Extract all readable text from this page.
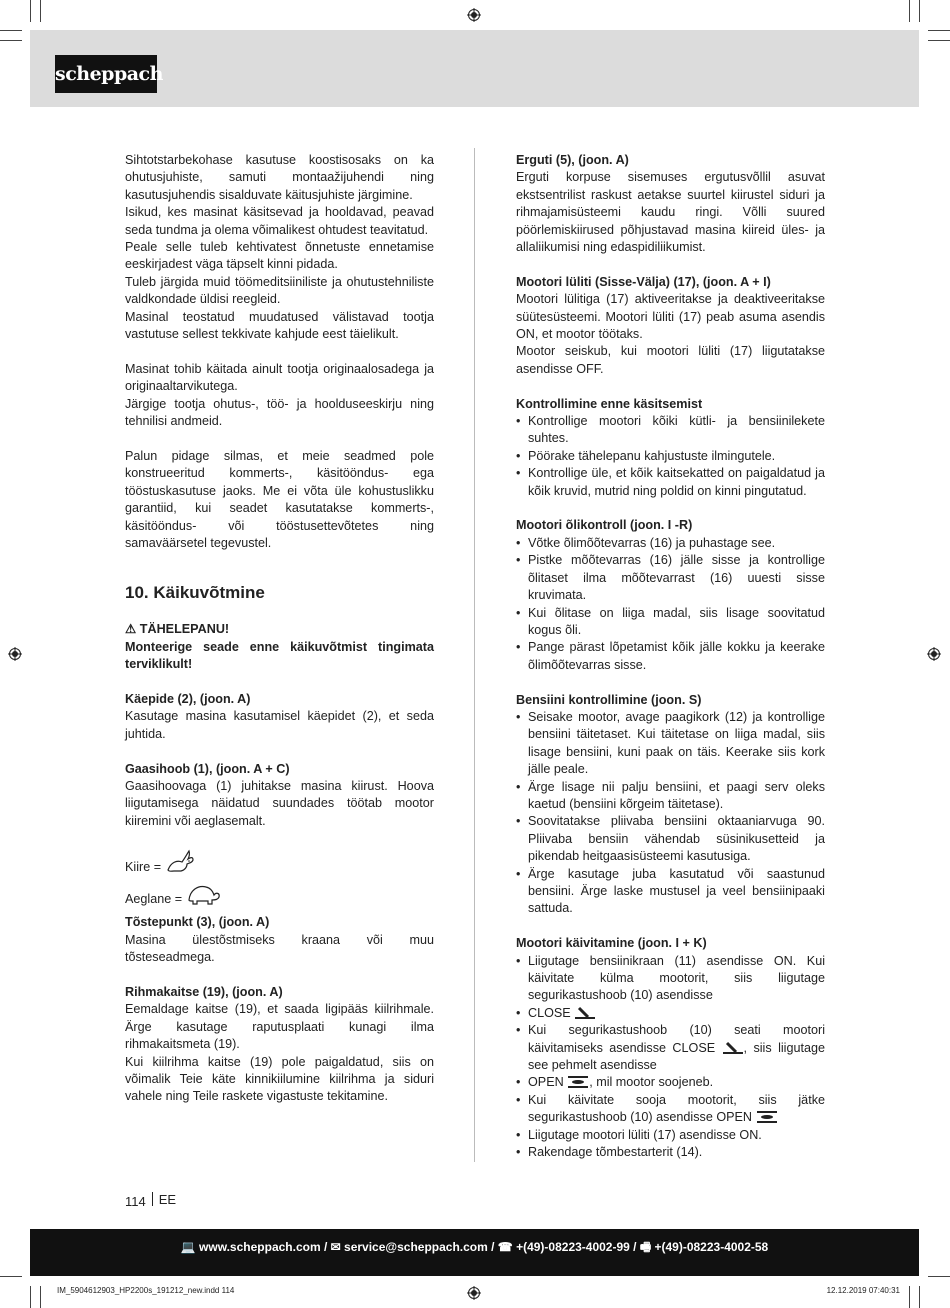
scheppach

Sihtotstarbekohase kasutuse koostisosaks on ka ohutusjuhiste, samuti montaažijuhendi ning kasutusjuhendis sisalduvate käitusjuhiste järgimine.

Isikud, kes masinat käsitsevad ja hooldavad, peavad seda tundma ja olema võimalikest ohtudest teavitatud.

Peale selle tuleb kehtivatest õnnetuste ennetamise eeskirjadest väga täpselt kinni pidada.

Tuleb järgida muid töömeditsiiniliste ja ohutustehniliste valdkondade üldisi reegleid.

Masinal teostatud muudatused välistavad tootja vastutuse sellest tekkivate kahjude eest täielikult.

Masinat tohib käitada ainult tootja originaalosadega ja originaaltarvikutega.

Järgige tootja ohutus-, töö- ja hoolduseeskirju ning tehnilisi andmeid.

Palun pidage silmas, et meie seadmed pole konstrueeritud kommerts-, käsitööndus- ega tööstuskasutuse jaoks. Me ei võta üle kohustuslikku garantiid, kui seadet kasutatakse kommerts-, käsitööndus- või tööstusettevõtetes ning samaväärsetel tegevustel.

10. Käikuvõtmine

⚠ TÄHELEPANU!

Monteerige seade enne käikuvõtmist tingimata terviklikult!

Käepide (2), (joon. A)

Kasutage masina kasutamisel käepidet (2), et seda juhtida.

Gaasihoob (1), (joon. A + C)

Gaasihoovaga (1) juhitakse masina kiirust. Hoova liigutamisega näidatud suundades töötab mootor kiiremini või aeglasemalt.

Kiire =

Aeglane =

Tõstepunkt (3), (joon. A)

Masina ülestõstmiseks kraana või muu tõsteseadmega.

Rihmakaitse (19), (joon. A)

Eemaldage kaitse (19), et saada ligipääs kiilrihmale. Ärge kasutage raputusplaati kunagi ilma rihmakaitsmeta (19).

Kui kiilrihma kaitse (19) pole paigaldatud, siis on võimalik Teie käte kinnikiilumine kiilrihma ja siduri vahele ning Teile raskete vigastuste tekitamine.

Erguti (5), (joon. A)

Erguti korpuse sisemuses ergutusvõllil asuvat ekstsentrilist raskust aetakse suurtel kiirustel siduri ja rihmajamisüsteemi kaudu ringi. Võlli suured pöörlemiskiirused põhjustavad masina kiireid üles- ja allaliikumisi ning edaspidiliikumist.

Mootori lüliti (Sisse-Välja) (17), (joon. A + I)

Mootori lülitiga (17) aktiveeritakse ja deaktiveeritakse süütesüsteemi. Mootori lüliti (17) peab asuma asendis ON, et mootor töötaks.

Mootor seiskub, kui mootori lüliti (17) liigutatakse asendisse OFF.

Kontrollimine enne käsitsemist

• Kontrollige mootori kõiki kütli- ja bensiinilekete suhtes.
• Pöörake tähelepanu kahjustuste ilmingutele.
• Kontrollige üle, et kõik kaitsekatted on paigaldatud ja kõik kruvid, mutrid ning poldid on kinni pingutatud.

Mootori õlikontroll (joon. I -R)

• Võtke õlimõõtevarras (16) ja puhastage see.
• Pistke mõõtevarras (16) jälle sisse ja kontrollige õlitaset ilma mõõtevarrast (16) uuesti sisse kruvimata.
• Kui õlitase on liiga madal, siis lisage soovitatud kogus õli.
• Pange pärast lõpetamist kõik jälle kokku ja keerake õlimõõtevarras sisse.

Bensiini kontrollimine (joon. S)

• Seisake mootor, avage paagikork (12) ja kontrollige bensiini täitetaset. Kui täitetase on liiga madal, siis lisage bensiini, kuni paak on täis. Keerake siis kork jälle peale.
• Ärge lisage nii palju bensiini, et paagi serv oleks kaetud (bensiini kõrgeim täitetase).
• Soovitatakse pliivaba bensiini oktaaniarvuga 90. Pliivaba bensiin vähendab süsinikusetteid ja pikendab heitgaasisüsteemi kasutusiga.
• Ärge kasutage juba kasutatud või saastunud bensiini. Ärge laske mustusel ja veel bensiinipaaki sattuda.

Mootori käivitamine (joon. I + K)

• Liigutage bensiinikraan (11) asendisse ON. Kui käivitate külma mootorit, siis liigutage segurikastushoob (10) asendisse
• CLOSE
• Kui segurikastushoob (10) seati mootori käivitamiseks asendisse CLOSE , siis liigutage see pehmelt asendisse
• OPEN , mil mootor soojeneb.
• Kui käivitate sooja mootorit, siis jätke segurikastushoob (10) asendisse OPEN
• Liigutage mootori lüliti (17) asendisse ON.
• Rakendage tõmbestarterit (14).
114 EE
💻 www.scheppach.com / ✉ service@scheppach.com / ☎ +(49)-08223-4002-99 / 🖷 +(49)-08223-4002-58
IM_5904612903_HP2200s_191212_new.indd 114	12.12.2019 07:40:31
